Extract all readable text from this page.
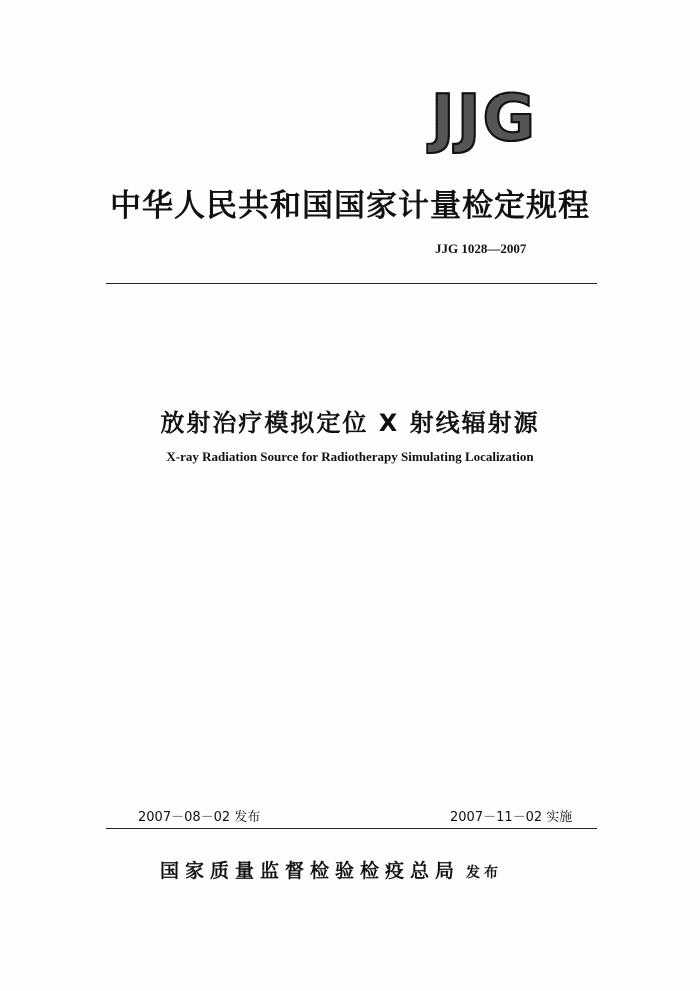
JJG
中华人民共和国国家计量检定规程
JJG 1028—2007
放射治疗模拟定位 X 射线辐射源
X-ray Radiation Source for Radiotherapy Simulating Localization
2007－08－02 发布	2007－11－02 实施
国家质量监督检验检疫总局 发布
